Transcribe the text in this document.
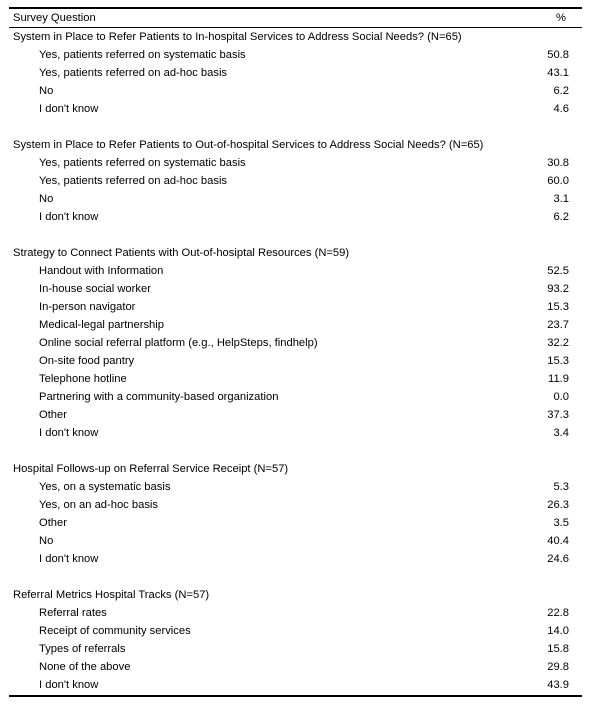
Survey Question	%
System in Place to Refer Patients to In-hospital Services to Address Social Needs? (N=65)
Yes, patients referred on systematic basis	50.8
Yes, patients referred on ad-hoc basis	43.1
No	6.2
I don't know	4.6
System in Place to Refer Patients to Out-of-hospital Services to Address Social Needs? (N=65)
Yes, patients referred on systematic basis	30.8
Yes, patients referred on ad-hoc basis	60.0
No	3.1
I don't know	6.2
Strategy to Connect Patients with Out-of-hosiptal Resources (N=59)
Handout with Information	52.5
In-house social worker	93.2
In-person navigator	15.3
Medical-legal partnership	23.7
Online social referral platform (e.g., HelpSteps, findhelp)	32.2
On-site food pantry	15.3
Telephone hotline	11.9
Partnering with a community-based organization	0.0
Other	37.3
I don't know	3.4
Hospital Follows-up on Referral Service Receipt (N=57)
Yes, on a systematic basis	5.3
Yes, on an ad-hoc basis	26.3
Other	3.5
No	40.4
I don't know	24.6
Referral Metrics Hospital Tracks (N=57)
Referral rates	22.8
Receipt of community services	14.0
Types of referrals	15.8
None of the above	29.8
I don't know	43.9
